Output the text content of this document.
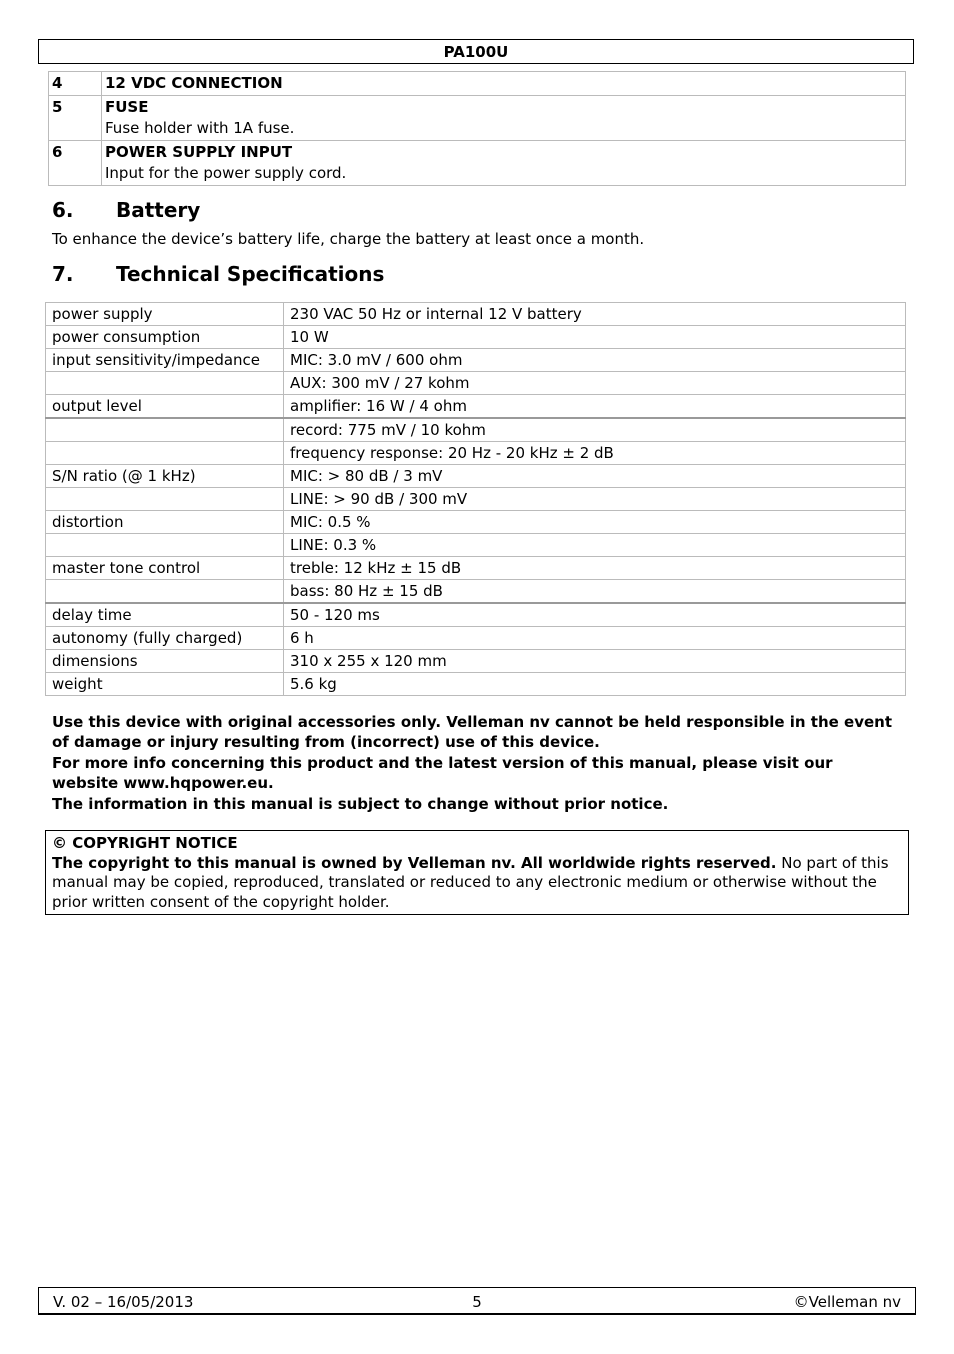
PA100U
4	12 VDC CONNECTION

5	FUSE
Fuse holder with 1A fuse.

6	POWER SUPPLY INPUT
Input for the power supply cord.
6. Battery

To enhance the device’s battery life, charge the battery at least once a month.

7. Technical Specifications
power supply	230 VAC 50 Hz or internal 12 V battery
power consumption	10 W
input sensitivity/impedance	MIC: 3.0 mV / 600 ohm
	AUX: 300 mV / 27 kohm
output level	amplifier: 16 W / 4 ohm
	record: 775 mV / 10 kohm
	frequency response: 20 Hz - 20 kHz ± 2 dB
S/N ratio (@ 1 kHz)	MIC: > 80 dB / 3 mV
	LINE: > 90 dB / 300 mV
distortion	MIC: 0.5 %
	LINE: 0.3 %
master tone control	treble: 12 kHz ± 15 dB
	bass: 80 Hz ± 15 dB
delay time	50 - 120 ms
autonomy (fully charged)	6 h
dimensions	310 x 255 x 120 mm
weight	5.6 kg

Use this device with original accessories only. Velleman nv cannot be held responsible in the event of damage or injury resulting from (incorrect) use of this device.

For more info concerning this product and the latest version of this manual, please visit our website www.hqpower.eu.

The information in this manual is subject to change without prior notice.

© COPYRIGHT NOTICE
The copyright to this manual is owned by Velleman nv. All worldwide rights reserved. No part of this manual may be copied, reproduced, translated or reduced to any electronic medium or otherwise without the prior written consent of the copyright holder.
V. 02 – 16/05/2013	5	©Velleman nv
